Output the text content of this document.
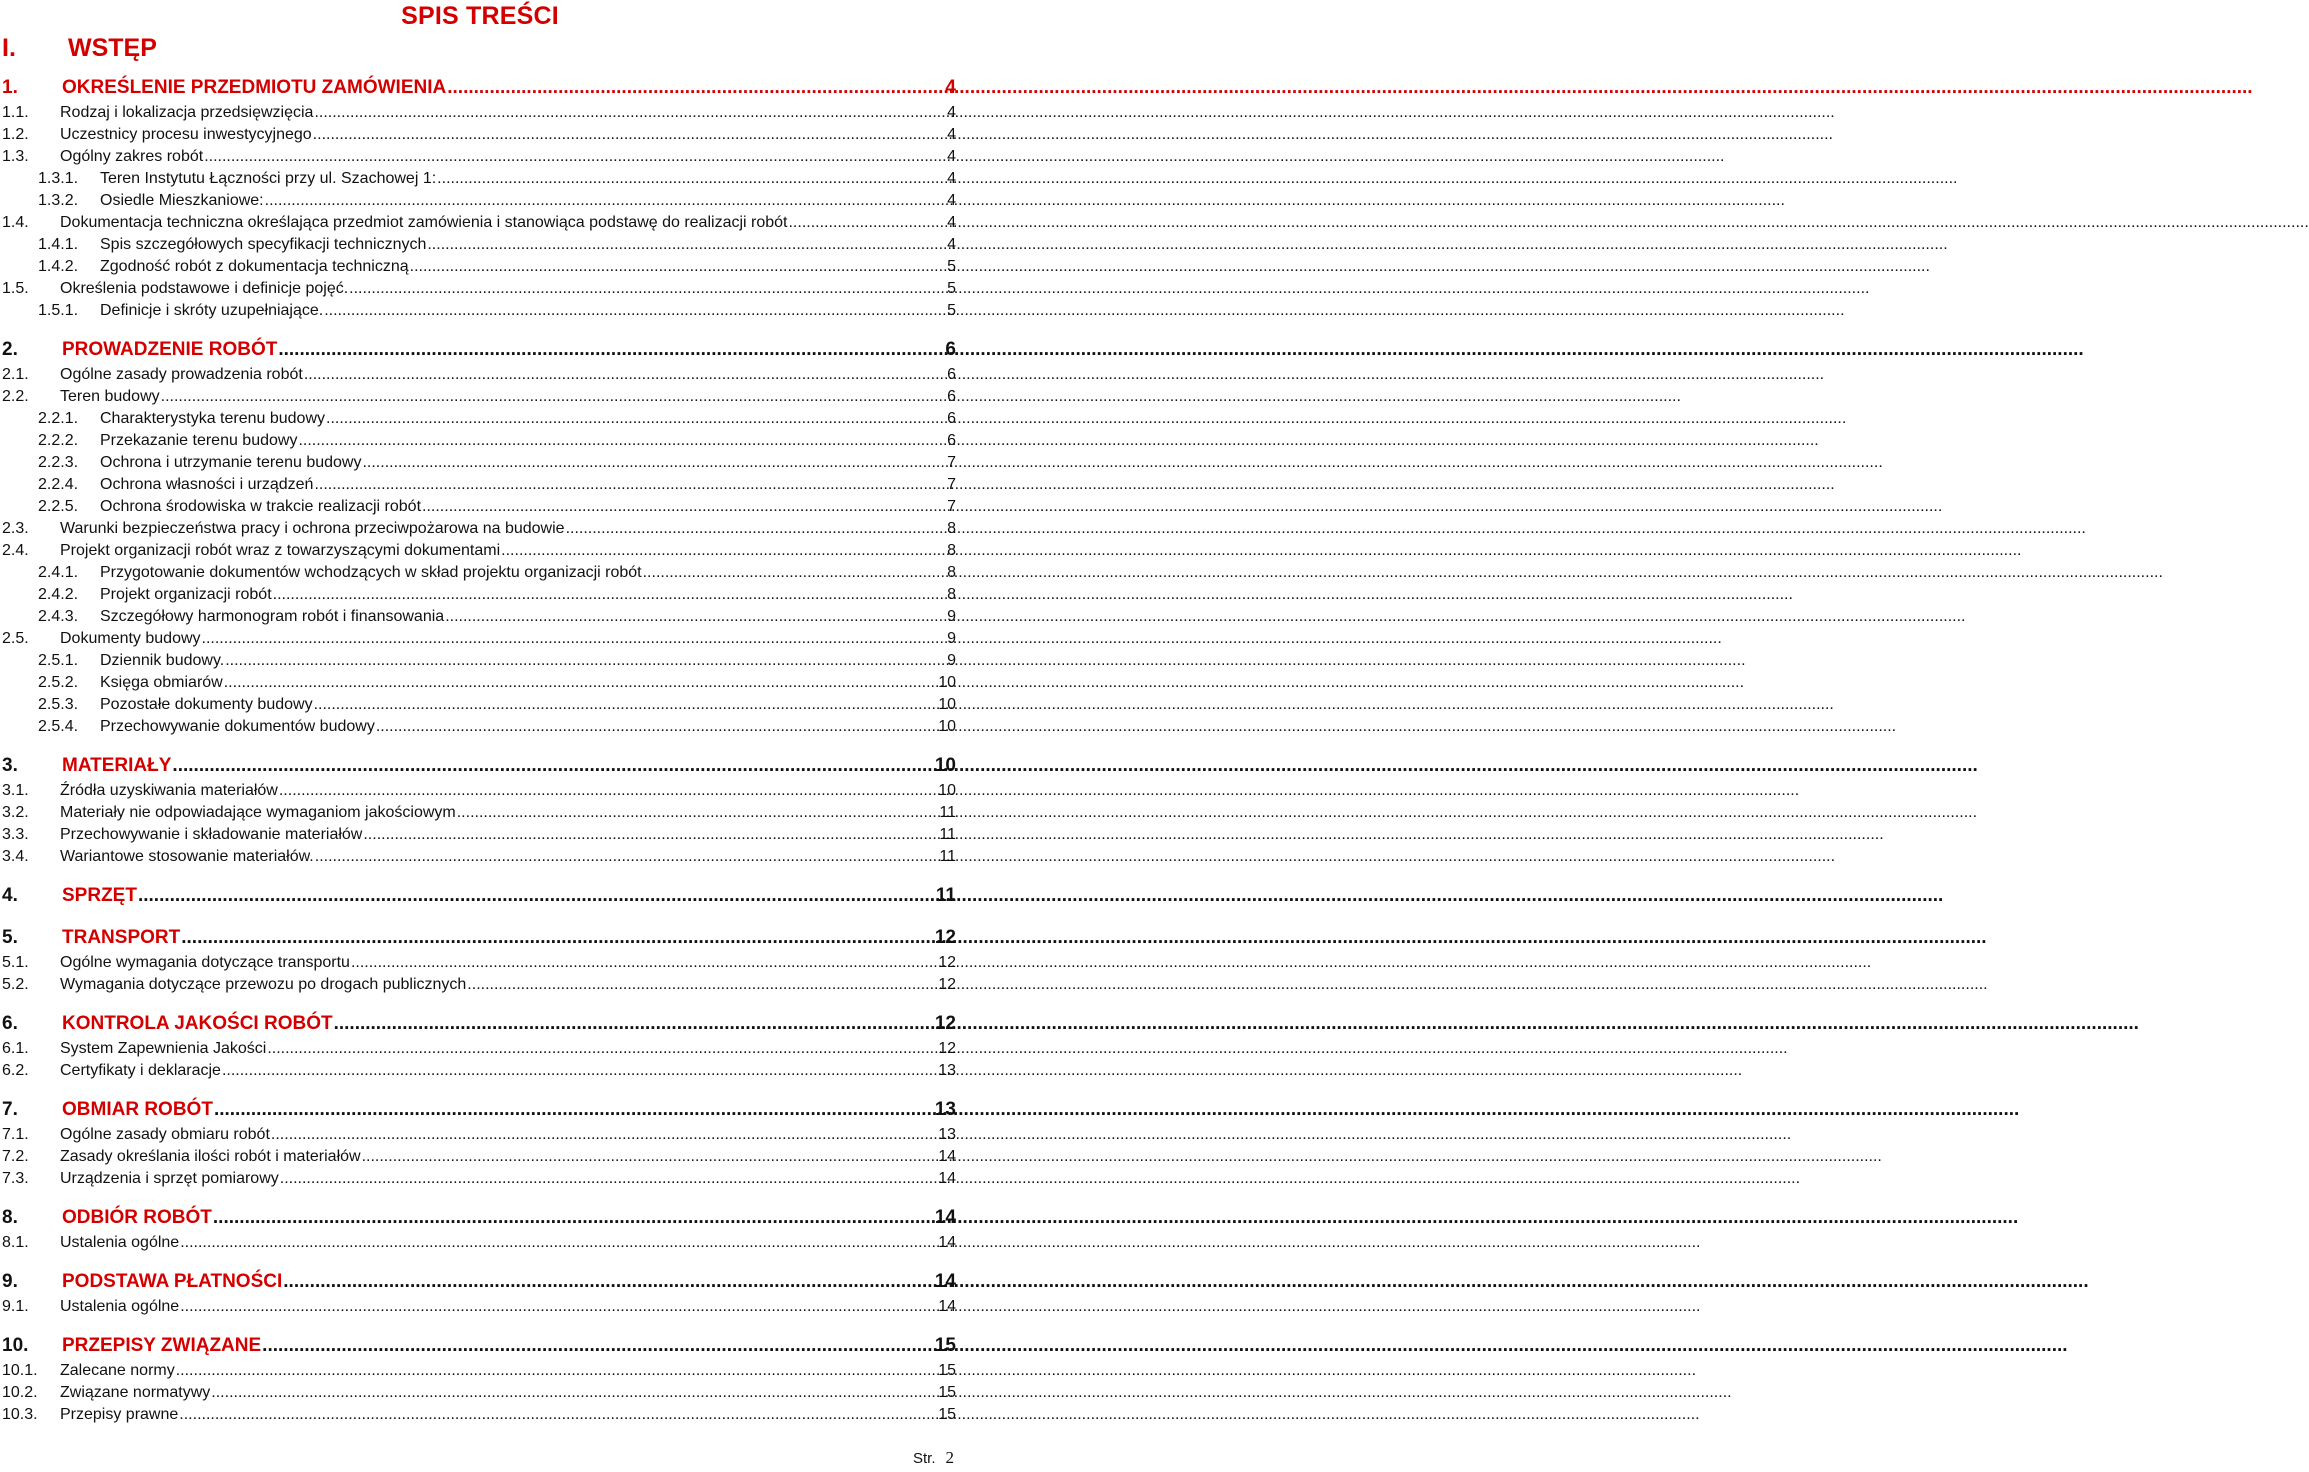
SPIS TREŚCI
I. WSTĘP
1.	OKREŚLENIE PRZEDMIOTU ZAMÓWIENIA .....	4
1.1.	Rodzaj i lokalizacja przedsięwzięcia .....	4
1.2.	Uczestnicy procesu inwestycyjnego .....	4
1.3.	Ogólny zakres robót .....	4
1.3.1.	Teren Instytutu Łączności przy ul. Szachowej 1: .....	4
1.3.2.	Osiedle Mieszkaniowe: .....	4
1.4.	Dokumentacja techniczna określająca przedmiot zamówienia i stanowiąca podstawę do realizacji robót .....	4
1.4.1.	Spis szczegółowych specyfikacji technicznych .....	4
1.4.2.	Zgodność robót z dokumentacja techniczną .....	5
1.5.	Określenia podstawowe i definicje pojęć. .....	5
1.5.1.	Definicje i skróty uzupełniające. .....	5
2.	PROWADZENIE ROBÓT .....	6
2.1.	Ogólne zasady prowadzenia robót .....	6
2.2.	Teren budowy .....	6
2.2.1.	Charakterystyka terenu budowy .....	6
2.2.2.	Przekazanie terenu budowy .....	6
2.2.3.	Ochrona i utrzymanie terenu budowy .....	7
2.2.4.	Ochrona własności i urządzeń .....	7
2.2.5.	Ochrona środowiska w trakcie realizacji robót .....	7
2.3.	Warunki bezpieczeństwa pracy i ochrona przeciwpożarowa na budowie .....	8
2.4.	Projekt organizacji robót wraz z towarzyszącymi dokumentami .....	8
2.4.1.	Przygotowanie dokumentów wchodzących w skład projektu organizacji robót .....	8
2.4.2.	Projekt organizacji robót .....	8
2.4.3.	Szczegółowy harmonogram robót i finansowania .....	9
2.5.	Dokumenty budowy .....	9
2.5.1.	Dziennik budowy. .....	9
2.5.2.	Księga obmiarów .....	10
2.5.3.	Pozostałe dokumenty budowy .....	10
2.5.4.	Przechowywanie dokumentów budowy .....	10
3.	MATERIAŁY .....	10
3.1.	Źródła uzyskiwania materiałów .....	10
3.2.	Materiały nie odpowiadające wymaganiom jakościowym .....	11
3.3.	Przechowywanie i składowanie materiałów .....	11
3.4.	Wariantowe stosowanie materiałów. .....	11
4.	SPRZĘT .....	11
5.	TRANSPORT .....	12
5.1.	Ogólne wymagania dotyczące transportu .....	12
5.2.	Wymagania dotyczące przewozu po drogach publicznych .....	12
6.	KONTROLA JAKOŚCI ROBÓT .....	12
6.1.	System Zapewnienia Jakości .....	12
6.2.	Certyfikaty i deklaracje .....	13
7.	OBMIAR ROBÓT .....	13
7.1.	Ogólne zasady obmiaru robót .....	13
7.2.	Zasady określania ilości robót i materiałów .....	14
7.3.	Urządzenia i sprzęt pomiarowy .....	14
8.	ODBIÓR ROBÓT .....	14
8.1.	Ustalenia ogólne .....	14
9.	PODSTAWA PŁATNOŚCI .....	14
9.1.	Ustalenia ogólne .....	14
10.	PRZEPISY ZWIĄZANE .....	15
10.1.	Zalecane normy .....	15
10.2.	Związane normatywy .....	15
10.3.	Przepisy prawne .....	15
Str. 2
